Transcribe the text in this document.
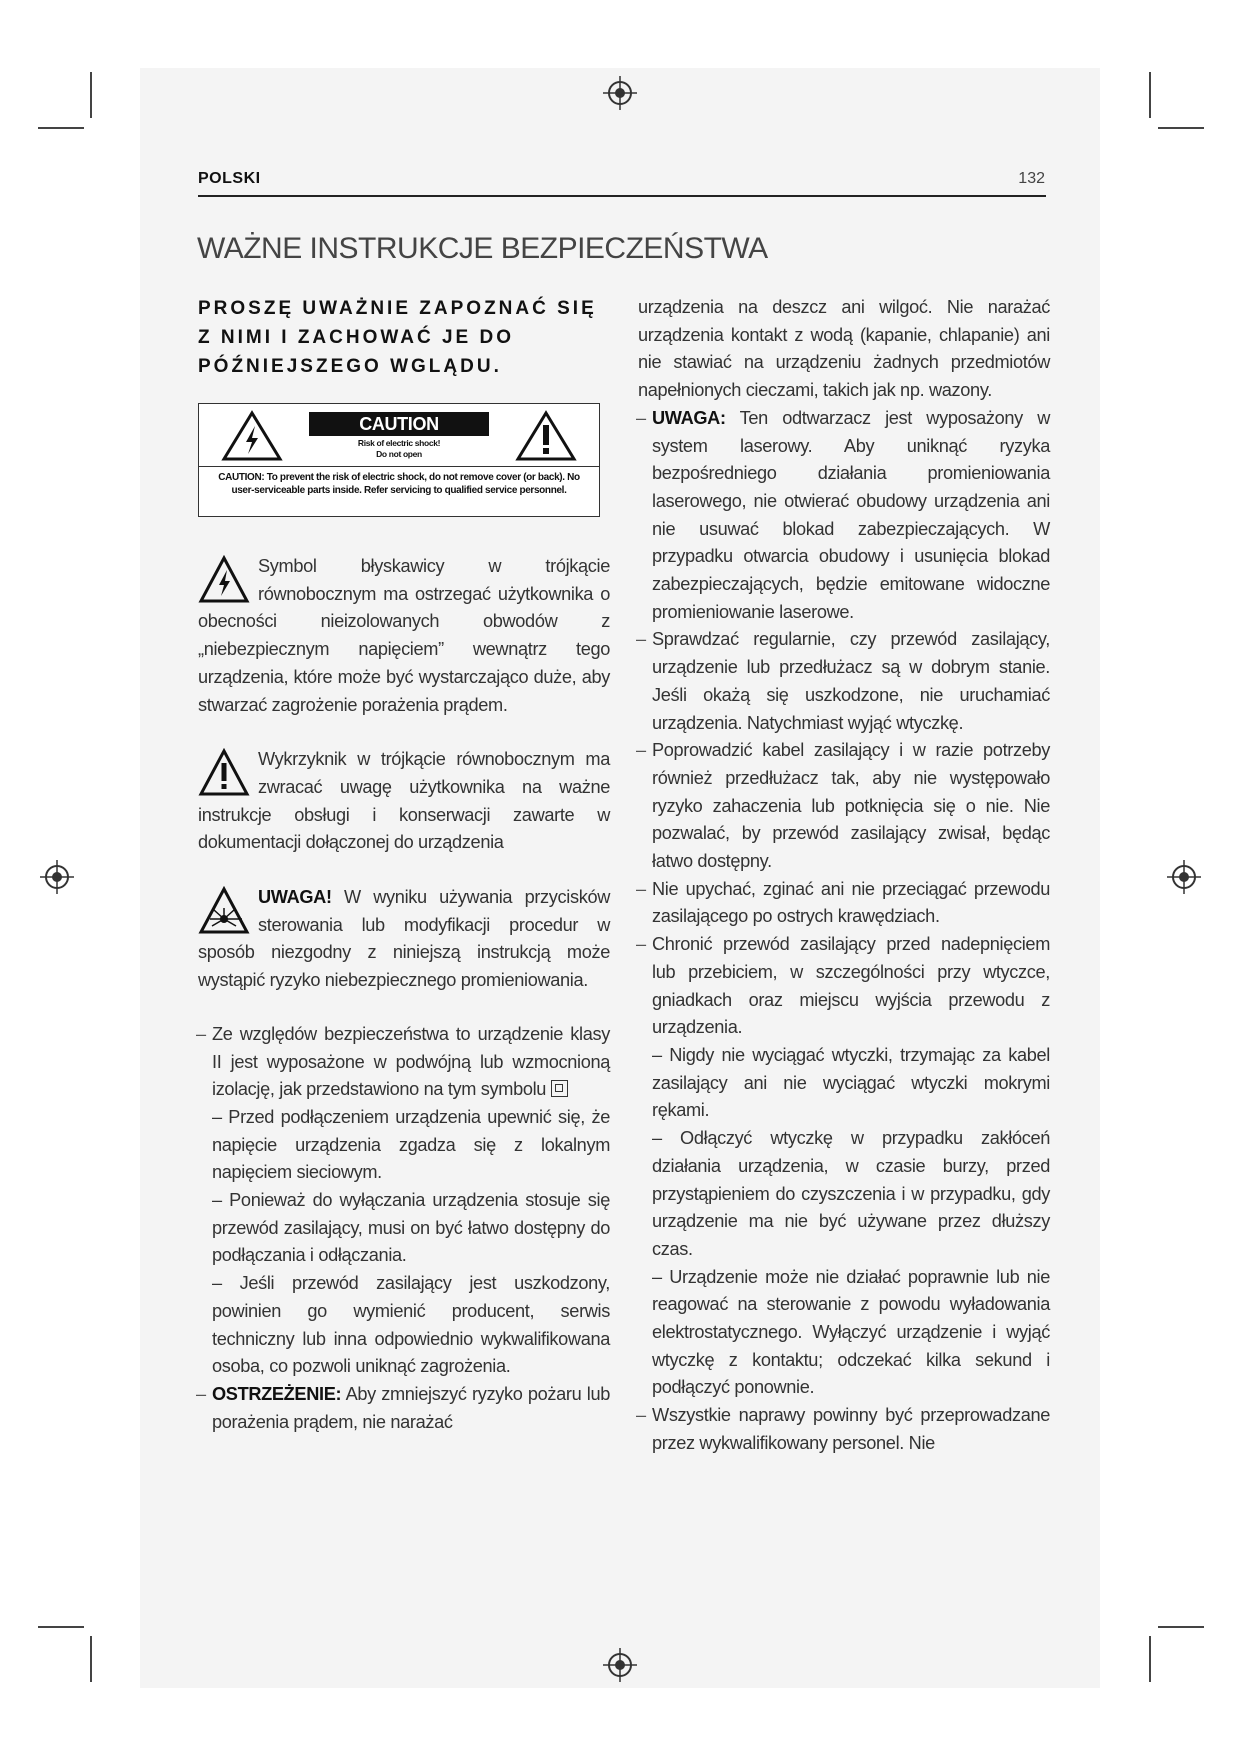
POLSKI	132
WAŻNE INSTRUKCJE BEZPIECZEŃSTWA

PROSZĘ UWAŻNIE ZAPOZNAĆ SIĘ Z NIMI I ZACHOWAĆ JE DO PÓŹNIEJSZEGO WGLĄDU.

CAUTION
Risk of electric shock!
Do not open
CAUTION: To prevent the risk of electric shock, do not remove cover (or back). No user-serviceable parts inside. Refer servicing to qualified service personnel.

Symbol błyskawicy w trójkącie równobocznym ma ostrzegać użytkownika o obecności nieizolowanych obwodów z „niebezpiecznym napięciem” wewnątrz tego urządzenia, które może być wystarczająco duże, aby stwarzać zagrożenie porażenia prądem.

Wykrzyknik w trójkącie równobocznym ma zwracać uwagę użytkownika na ważne instrukcje obsługi i konserwacji zawarte w dokumentacji dołączonej do urządzenia

UWAGA! W wyniku używania przycisków sterowania lub modyfikacji procedur w sposób niezgodny z niniejszą instrukcją może wystąpić ryzyko niebezpiecznego promieniowania.

– Ze względów bezpieczeństwa to urządzenie klasy II jest wyposażone w podwójną lub wzmocnioną izolację, jak przedstawiono na tym symbolu
– Przed podłączeniem urządzenia upewnić się, że napięcie urządzenia zgadza się z lokalnym napięciem sieciowym.
– Ponieważ do wyłączania urządzenia stosuje się przewód zasilający, musi on być łatwo dostępny do podłączania i odłączania.
– Jeśli przewód zasilający jest uszkodzony, powinien go wymienić producent, serwis techniczny lub inna odpowiednio wykwalifikowana osoba, co pozwoli uniknąć zagrożenia.
– OSTRZEŻENIE: Aby zmniejszyć ryzyko pożaru lub porażenia prądem, nie narażać
urządzenia na deszcz ani wilgoć. Nie narażać urządzenia kontakt z wodą (kapanie, chlapanie) ani nie stawiać na urządzeniu żadnych przedmiotów napełnionych cieczami, takich jak np. wazony.
– UWAGA: Ten odtwarzacz jest wyposażony w system laserowy. Aby uniknąć ryzyka bezpośredniego działania promieniowania laserowego, nie otwierać obudowy urządzenia ani nie usuwać blokad zabezpieczających. W przypadku otwarcia obudowy i usunięcia blokad zabezpieczających, będzie emitowane widoczne promieniowanie laserowe.
– Sprawdzać regularnie, czy przewód zasilający, urządzenie lub przedłużacz są w dobrym stanie. Jeśli okażą się uszkodzone, nie uruchamiać urządzenia. Natychmiast wyjąć wtyczkę.
– Poprowadzić kabel zasilający i w razie potrzeby również przedłużacz tak, aby nie występowało ryzyko zahaczenia lub potknięcia się o nie. Nie pozwalać, by przewód zasilający zwisał, będąc łatwo dostępny.
– Nie upychać, zginać ani nie przeciągać przewodu zasilającego po ostrych krawędziach.
– Chronić przewód zasilający przed nadepnięciem lub przebiciem, w szczególności przy wtyczce, gniadkach oraz miejscu wyjścia przewodu z urządzenia.
– Nigdy nie wyciągać wtyczki, trzymając za kabel zasilający ani nie wyciągać wtyczki mokrymi rękami.
– Odłączyć wtyczkę w przypadku zakłóceń działania urządzenia, w czasie burzy, przed przystąpieniem do czyszczenia i w przypadku, gdy urządzenie ma nie być używane przez dłuższy czas.
– Urządzenie może nie działać poprawnie lub nie reagować na sterowanie z powodu wyładowania elektrostatycznego. Wyłączyć urządzenie i wyjąć wtyczkę z kontaktu; odczekać kilka sekund i podłączyć ponownie.
– Wszystkie naprawy powinny być przeprowadzane przez wykwalifikowany personel. Nie
